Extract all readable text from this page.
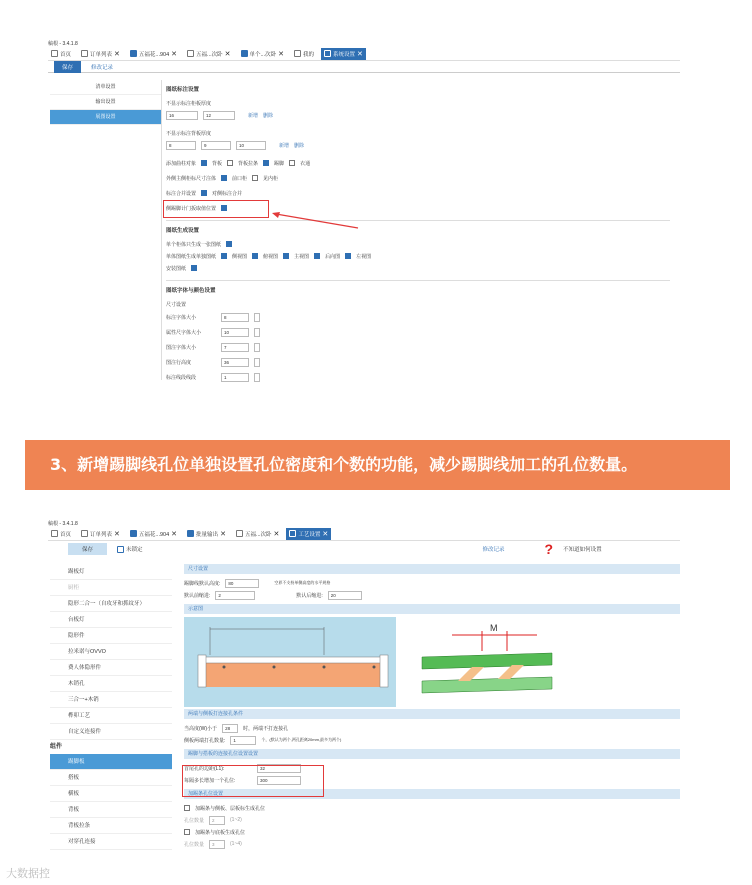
稿根 - 3.4.1.8
首页	订单列表 ✕	五福花...904 ✕	五福...次卧 ✕	单个...次卧 ✕	我的	系统设置 ✕
保存	修改记录
清单设置
输出设置
展图设置
图纸标注设置
不显示标注柜板厚度
16	12	新增 删除
不显示标注背板厚度
8	9	10	新增 删除
添加曲柱对象	背板	背板拉条	踢脚	衣通
外侧主侧柜标尺寸注体	前口柜	见内柜
标注合并设置	对侧标注合并
侧踢脚计门扳取值位置
图纸生成设置
单个柜体只生成一张图纸
单体图纸生成单独图纸	侧视图	俯视图	主视图	后向图	左视图
安装图纸
图纸字体与颜色设置
尺寸设置
标注字体大小	8
属性尺字体大小	10
图注字体大小	7
图注行高度	36
标注线段线段	1
3、新增踢脚线孔位单独设置孔位密度和个数的功能，减少踢脚线加工的孔位数量。
稿根 - 3.4.1.8
首页	订单列表 ✕	五福花...904 ✕	批量输出 ✕	五福...次卧 ✕	工艺设置 ✕
保存	未锁定	修改记录	? 不知道如何设置
踢板灯
厨柜
隐形二合一（自攻牙和抓纹牙）
台板灯
隐形件
拉米诺与OVVO
费人体隐形件
木销孔
三合一+木销
榫卯工艺
自定义连接件
组件
踢脚板
搭板
横板
背板
背板拉条
对穿孔连接
尺寸设置
踢脚线默认高度:	80	空界不支持单侧高度的水平规格
默认前缩进:	2	默认后缩进:	20
示意图
M
两端与侧板打连接孔条件
当高度(W)小于	28	时，两端不打连接孔
侧板两端打孔数量:	1	个，(默认为两个,两孔距离20mm,最多为两个)
踢脚与搭板的连接孔位设置设置
首尾孔的边距(L1):	32
每隔多长增加一个孔位:	300
加踢条孔位设置
加踢条与侧板、层板标生成孔位
孔位数量	2	(1~2)
加踢条与底板生成孔位
孔位数量	3	(1~4)
大数据控
